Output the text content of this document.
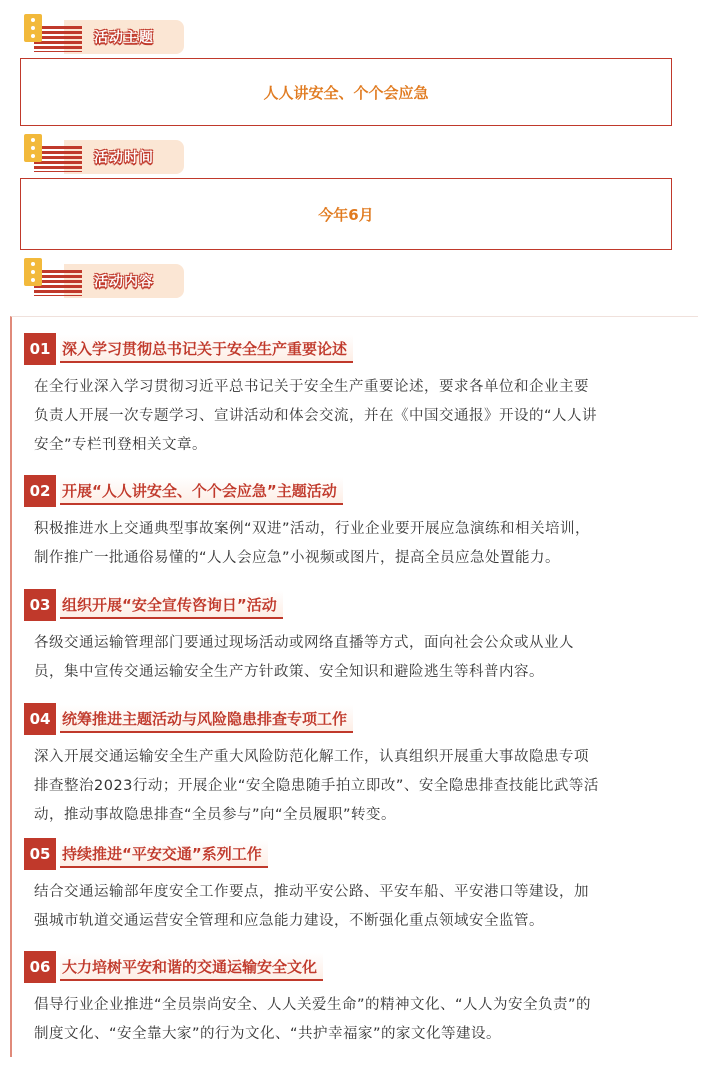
活动主题
人人讲安全、个个会应急
活动时间
今年6月
活动内容
01 深入学习贯彻总书记关于安全生产重要论述
在全行业深入学习贯彻习近平总书记关于安全生产重要论述，要求各单位和企业主要
负责人开展一次专题学习、宣讲活动和体会交流，并在《中国交通报》开设的“人人讲
安全”专栏刊登相关文章。
02 开展“人人讲安全、个个会应急”主题活动
积极推进水上交通典型事故案例“双进”活动，行业企业要开展应急演练和相关培训，
制作推广一批通俗易懂的“人人会应急”小视频或图片，提高全员应急处置能力。
03 组织开展“安全宣传咨询日”活动
各级交通运输管理部门要通过现场活动或网络直播等方式，面向社会公众或从业人
员，集中宣传交通运输安全生产方针政策、安全知识和避险逃生等科普内容。
04 统筹推进主题活动与风险隐患排查专项工作
深入开展交通运输安全生产重大风险防范化解工作，认真组织开展重大事故隐患专项
排查整治2023行动；开展企业“安全隐患随手拍立即改”、安全隐患排查技能比武等活
动，推动事故隐患排查“全员参与”向“全员履职”转变。
05 持续推进“平安交通”系列工作
结合交通运输部年度安全工作要点，推动平安公路、平安车船、平安港口等建设，加
强城市轨道交通运营安全管理和应急能力建设，不断强化重点领域安全监管。
06 大力培树平安和谐的交通运输安全文化
倡导行业企业推进“全员崇尚安全、人人关爱生命”的精神文化、“人人为安全负责”的
制度文化、“安全靠大家”的行为文化、“共护幸福家”的家文化等建设。
